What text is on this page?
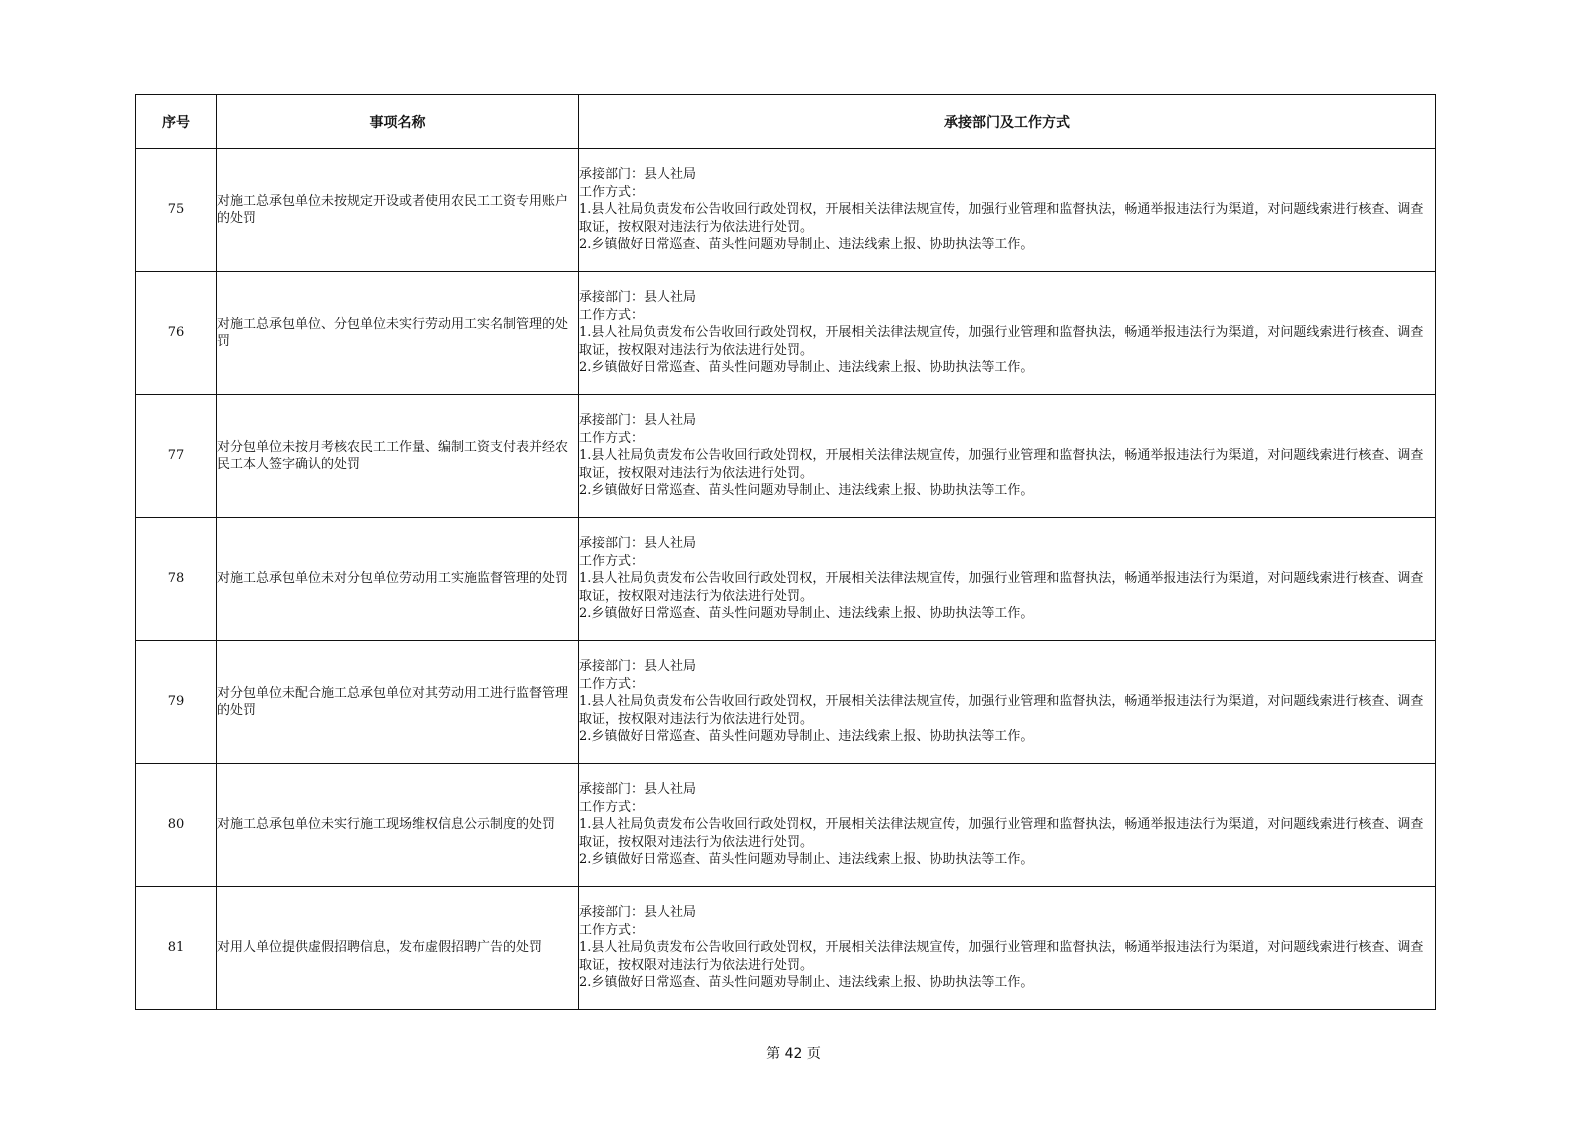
序号	事项名称	承接部门及工作方式
75	对施工总承包单位未按规定开设或者使用农民工工资专用账户的处罚	承接部门：县人社局
工作方式：
1.县人社局负责发布公告收回行政处罚权，开展相关法律法规宣传，加强行业管理和监督执法，畅通举报违法行为渠道，对问题线索进行核查、调查取证，按权限对违法行为依法进行处罚。
2.乡镇做好日常巡查、苗头性问题劝导制止、违法线索上报、协助执法等工作。

76	对施工总承包单位、分包单位未实行劳动用工实名制管理的处罚	承接部门：县人社局
工作方式：
1.县人社局负责发布公告收回行政处罚权，开展相关法律法规宣传，加强行业管理和监督执法，畅通举报违法行为渠道，对问题线索进行核查、调查取证，按权限对违法行为依法进行处罚。
2.乡镇做好日常巡查、苗头性问题劝导制止、违法线索上报、协助执法等工作。

77	对分包单位未按月考核农民工工作量、编制工资支付表并经农民工本人签字确认的处罚	承接部门：县人社局
工作方式：
1.县人社局负责发布公告收回行政处罚权，开展相关法律法规宣传，加强行业管理和监督执法，畅通举报违法行为渠道，对问题线索进行核查、调查取证，按权限对违法行为依法进行处罚。
2.乡镇做好日常巡查、苗头性问题劝导制止、违法线索上报、协助执法等工作。

78	对施工总承包单位未对分包单位劳动用工实施监督管理的处罚	承接部门：县人社局
工作方式：
1.县人社局负责发布公告收回行政处罚权，开展相关法律法规宣传，加强行业管理和监督执法，畅通举报违法行为渠道，对问题线索进行核查、调查取证，按权限对违法行为依法进行处罚。
2.乡镇做好日常巡查、苗头性问题劝导制止、违法线索上报、协助执法等工作。

79	对分包单位未配合施工总承包单位对其劳动用工进行监督管理的处罚	承接部门：县人社局
工作方式：
1.县人社局负责发布公告收回行政处罚权，开展相关法律法规宣传，加强行业管理和监督执法，畅通举报违法行为渠道，对问题线索进行核查、调查取证，按权限对违法行为依法进行处罚。
2.乡镇做好日常巡查、苗头性问题劝导制止、违法线索上报、协助执法等工作。

80	对施工总承包单位未实行施工现场维权信息公示制度的处罚	承接部门：县人社局
工作方式：
1.县人社局负责发布公告收回行政处罚权，开展相关法律法规宣传，加强行业管理和监督执法，畅通举报违法行为渠道，对问题线索进行核查、调查取证，按权限对违法行为依法进行处罚。
2.乡镇做好日常巡查、苗头性问题劝导制止、违法线索上报、协助执法等工作。

81	对用人单位提供虚假招聘信息，发布虚假招聘广告的处罚	承接部门：县人社局
工作方式：
1.县人社局负责发布公告收回行政处罚权，开展相关法律法规宣传，加强行业管理和监督执法，畅通举报违法行为渠道，对问题线索进行核查、调查取证，按权限对违法行为依法进行处罚。
2.乡镇做好日常巡查、苗头性问题劝导制止、违法线索上报、协助执法等工作。
第 42 页
